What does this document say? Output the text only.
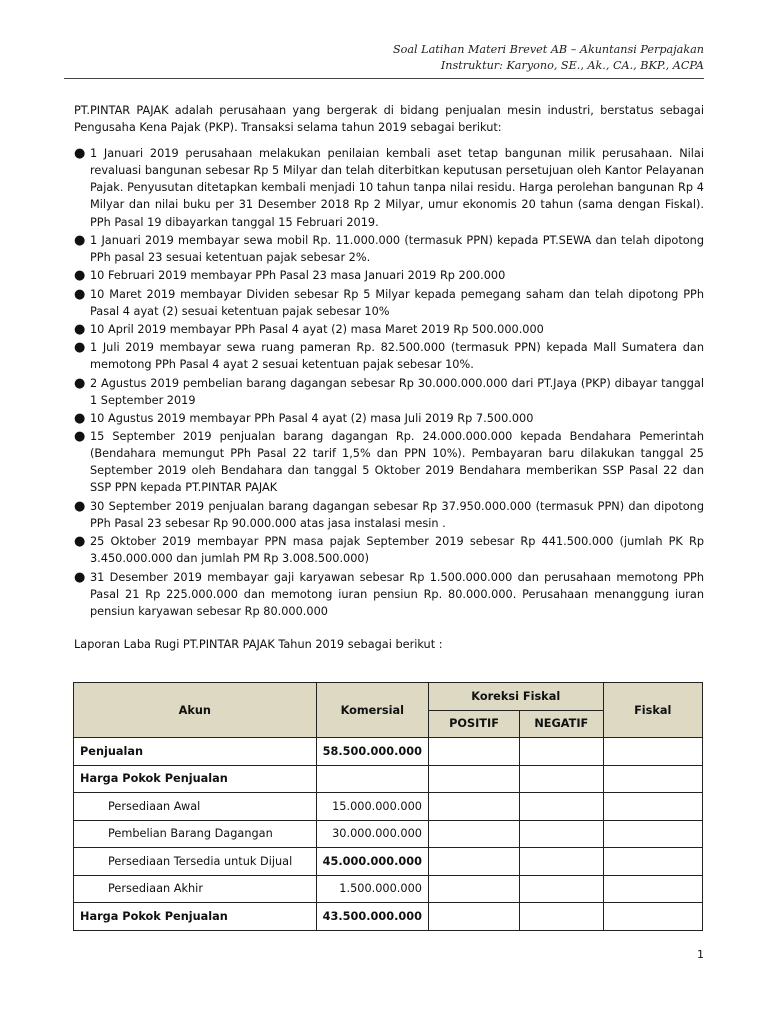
Soal Latihan Materi Brevet AB – Akuntansi Perpajakan
Instruktur: Karyono, SE., Ak., CA., BKP., ACPA

PT.PINTAR PAJAK adalah perusahaan yang bergerak di bidang penjualan mesin industri, berstatus sebagai Pengusaha Kena Pajak (PKP). Transaksi selama tahun 2019 sebagai berikut:

● 1 Januari 2019 perusahaan melakukan penilaian kembali aset tetap bangunan milik perusahaan. Nilai revaluasi bangunan sebesar Rp 5 Milyar dan telah diterbitkan keputusan persetujuan oleh Kantor Pelayanan Pajak. Penyusutan ditetapkan kembali menjadi 10 tahun tanpa nilai residu. Harga perolehan bangunan Rp 4 Milyar dan nilai buku per 31 Desember 2018 Rp 2 Milyar, umur ekonomis 20 tahun (sama dengan Fiskal). PPh Pasal 19 dibayarkan tanggal 15 Februari 2019.
● 1 Januari 2019 membayar sewa mobil Rp. 11.000.000 (termasuk PPN) kepada PT.SEWA dan telah dipotong PPh pasal 23 sesuai ketentuan pajak sebesar 2%.
● 10 Februari 2019 membayar PPh Pasal 23 masa Januari 2019 Rp 200.000
● 10 Maret 2019 membayar Dividen sebesar Rp 5 Milyar kepada pemegang saham dan telah dipotong PPh Pasal 4 ayat (2) sesuai ketentuan pajak sebesar 10%
● 10 April 2019 membayar PPh Pasal 4 ayat (2) masa Maret 2019 Rp 500.000.000
● 1 Juli 2019 membayar sewa ruang pameran Rp. 82.500.000 (termasuk PPN) kepada Mall Sumatera dan memotong PPh Pasal 4 ayat 2 sesuai ketentuan pajak sebesar 10%.
● 2 Agustus 2019 pembelian barang dagangan sebesar Rp 30.000.000.000 dari PT.Jaya (PKP) dibayar tanggal 1 September 2019
● 10 Agustus 2019 membayar PPh Pasal 4 ayat (2) masa Juli 2019 Rp 7.500.000
● 15 September 2019 penjualan barang dagangan Rp. 24.000.000.000 kepada Bendahara Pemerintah (Bendahara memungut PPh Pasal 22 tarif 1,5% dan PPN 10%). Pembayaran baru dilakukan tanggal 25 September 2019 oleh Bendahara dan tanggal 5 Oktober 2019 Bendahara memberikan SSP Pasal 22 dan SSP PPN kepada PT.PINTAR PAJAK
● 30 September 2019 penjualan barang dagangan sebesar Rp 37.950.000.000 (termasuk PPN) dan dipotong PPh Pasal 23 sebesar Rp 90.000.000 atas jasa instalasi mesin .
● 25 Oktober 2019 membayar PPN masa pajak September 2019 sebesar Rp 441.500.000 (jumlah PK Rp 3.450.000.000 dan jumlah PM Rp 3.008.500.000)
● 31 Desember 2019 membayar gaji karyawan sebesar Rp 1.500.000.000 dan perusahaan memotong PPh Pasal 21 Rp 225.000.000 dan memotong iuran pensiun Rp. 80.000.000. Perusahaan menanggung iuran pensiun karyawan sebesar Rp 80.000.000

Laporan Laba Rugi PT.PINTAR PAJAK Tahun 2019 sebagai berikut :

Akun	Komersial	Koreksi Fiskal		Fiskal
		POSITIF	NEGATIF	
Penjualan	58.500.000.000			
Harga Pokok Penjualan				
Persediaan Awal	15.000.000.000			
Pembelian Barang Dagangan	30.000.000.000			
Persediaan Tersedia untuk Dijual	45.000.000.000			
Persediaan Akhir	1.500.000.000			
Harga Pokok Penjualan	43.500.000.000			
1
